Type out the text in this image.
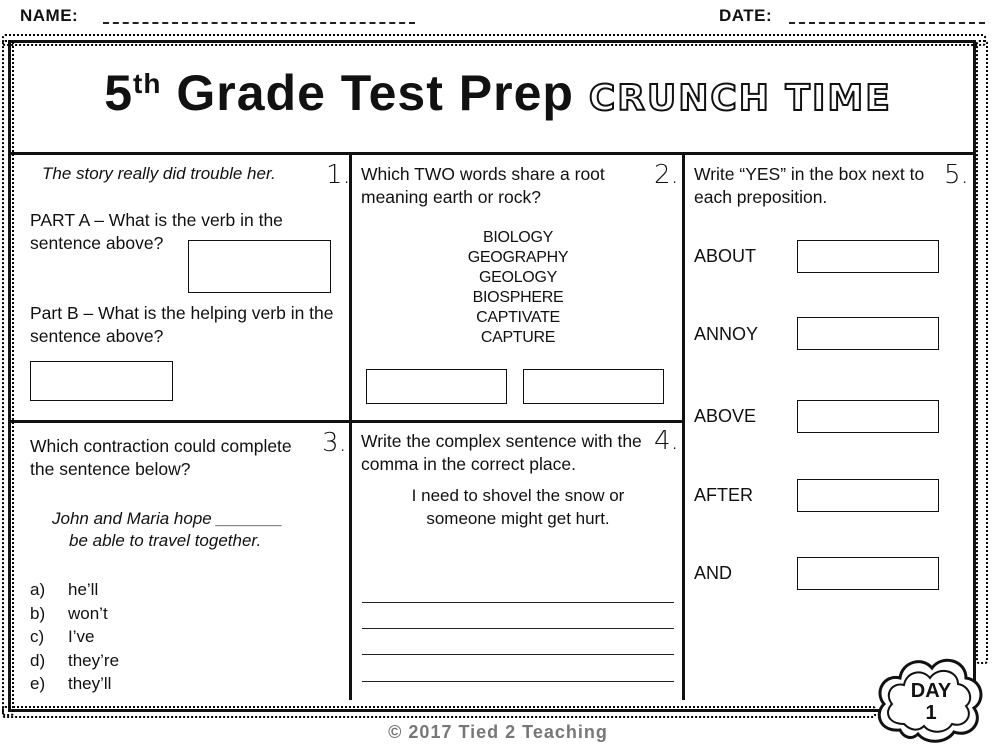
NAME:	DATE:
5th Grade Test Prep CRUNCH TIME
The story really did trouble her.	1.
PART A – What is the verb in the sentence above?
Part B – What is the helping verb in the sentence above?
Which TWO words share a root meaning earth or rock?
2.
BIOLOGY
GEOGRAPHY
GEOLOGY
BIOSPHERE
CAPTIVATE
CAPTURE
Which contraction could complete the sentence below?
3.
John and Maria hope _______
be able to travel together.
a) he’ll
b) won’t
c) I’ve
d) they’re
e) they’ll
Write the complex sentence with the comma in the correct place.
4.
I need to shovel the snow or someone might get hurt.
Write “YES” in the box next to each preposition.
5.
ABOUT
ANNOY
ABOVE
AFTER
AND
DAY
1
© 2017 Tied 2 Teaching
